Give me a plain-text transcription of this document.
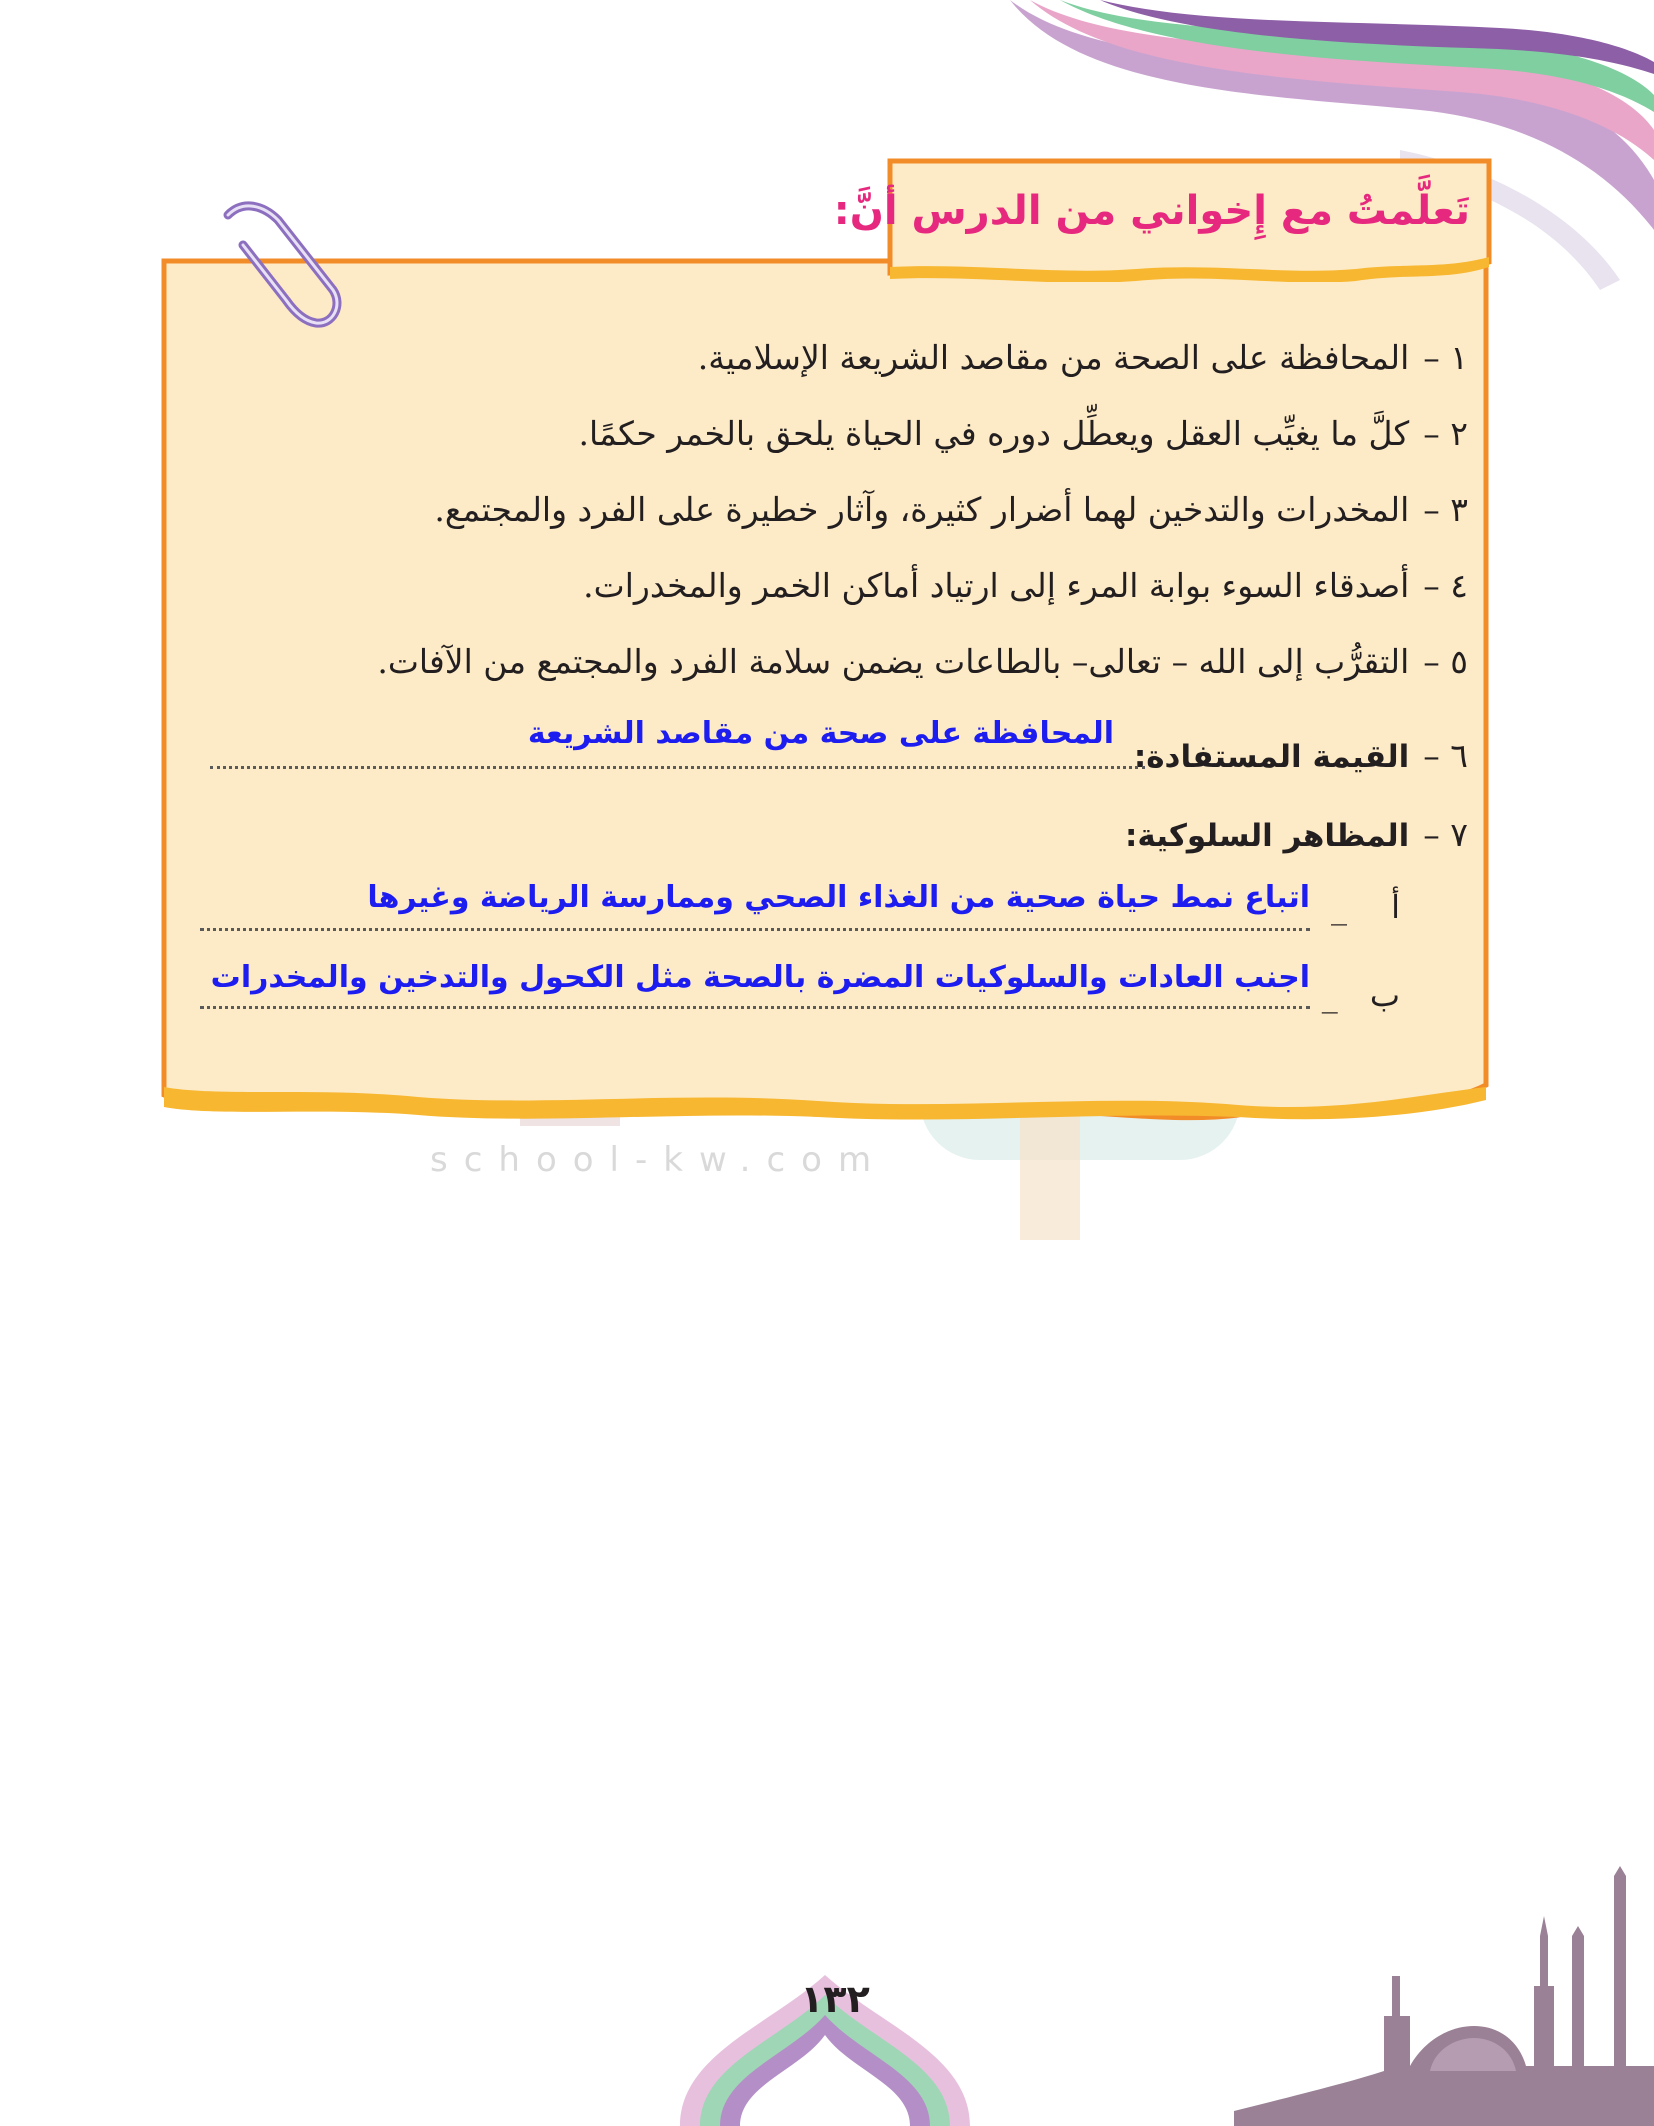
school-kw.com
تَعلَّمتُ مع إِخواني من الدرس أنَّ:
١ –المحافظة على الصحة من مقاصد الشريعة الإسلامية.
٢ –كلَّ ما يغيِّب العقل ويعطِّل دوره في الحياة يلحق بالخمر حكمًا.
٣ –المخدرات والتدخين لهما أضرار كثيرة، وآثار خطيرة على الفرد والمجتمع.
٤ –أصدقاء السوء بوابة المرء إلى ارتياد أماكن الخمر والمخدرات.
٥ –التقرُّب إلى الله – تعالى– بالطاعات يضمن سلامة الفرد والمجتمع من الآفات.
٦ –القيمة المستفادة:
المحافظة على صحة من مقاصد الشريعة
٧ –المظاهر السلوكية:
أ _
اتباع نمط حياة صحية من الغذاء الصحي وممارسة الرياضة وغيرها
ب _
اجنب العادات والسلوكيات المضرة بالصحة مثل الكحول والتدخين والمخدرات
١٣٢
